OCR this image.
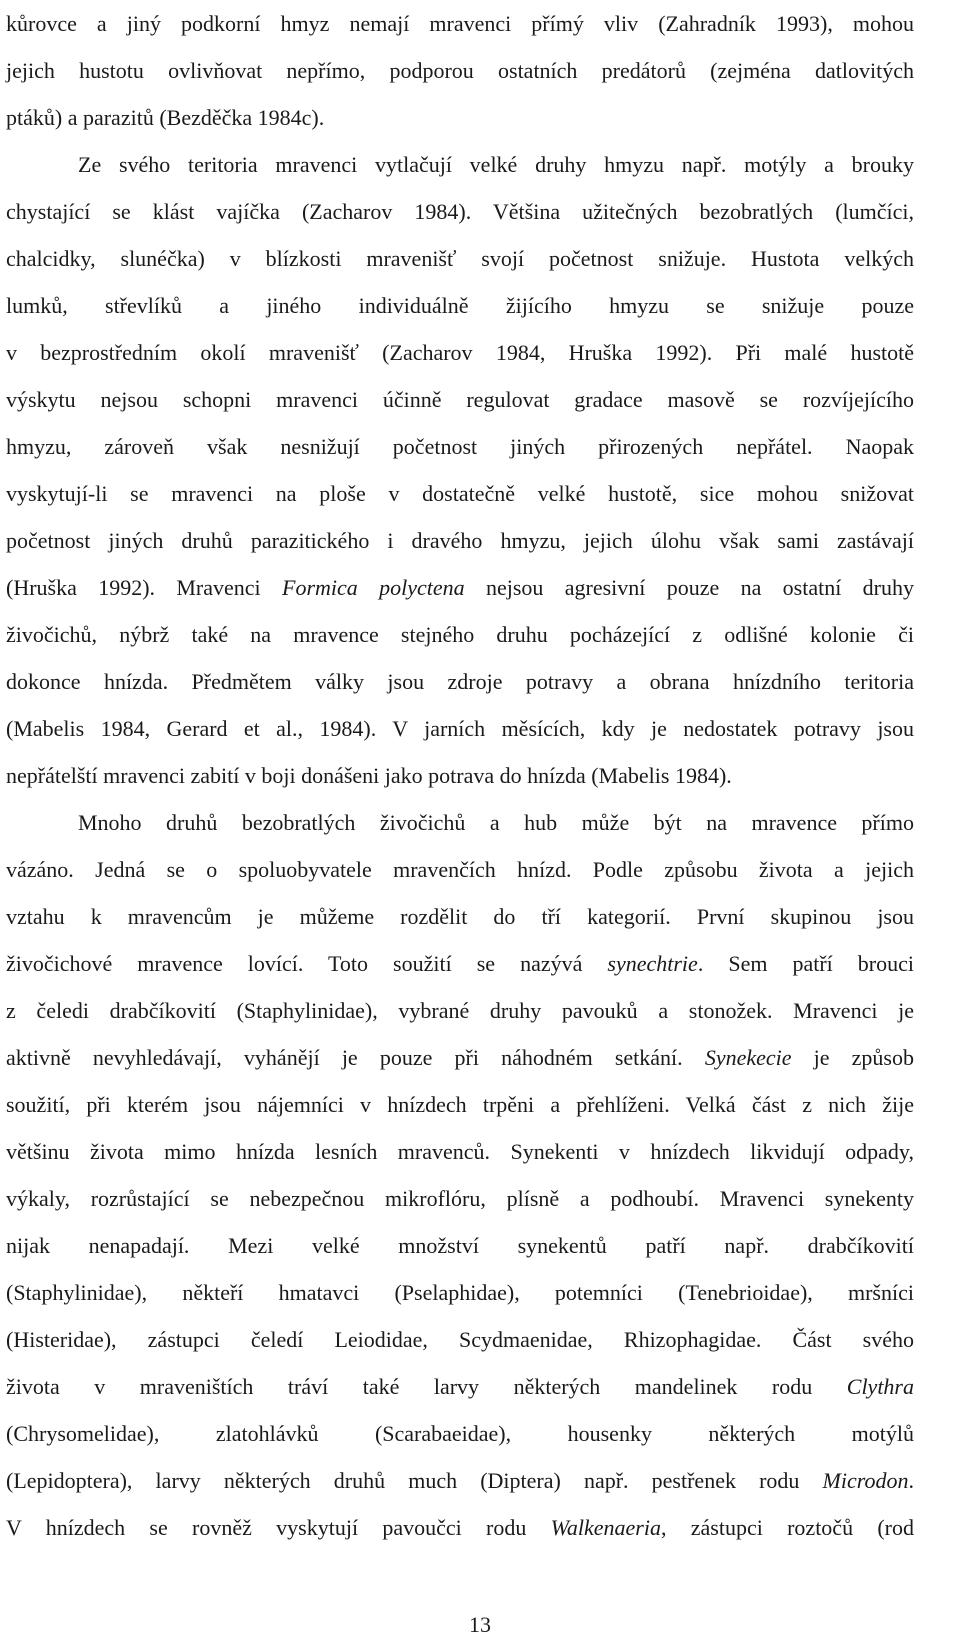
kůrovce a jiný podkorní hmyz nemají mravenci přímý vliv (Zahradník 1993), mohou
jejich hustotu ovlivňovat nepřímo, podporou ostatních predátorů (zejména datlovitých
ptáků) a parazitů (Bezděčka 1984c).
Ze svého teritoria mravenci vytlačují velké druhy hmyzu např. motýly a brouky
chystající se klást vajíčka (Zacharov 1984). Většina užitečných bezobratlých (lumčíci,
chalcidky, slunéčka) v blízkosti mravenišť svojí početnost snižuje. Hustota velkých
lumků, střevlíků a jiného individuálně žijícího hmyzu se snižuje pouze
v bezprostředním okolí mravenišť (Zacharov 1984, Hruška 1992). Při malé hustotě
výskytu nejsou schopni mravenci účinně regulovat gradace masově se rozvíjejícího
hmyzu, zároveň však nesnižují početnost jiných přirozených nepřátel. Naopak
vyskytují-li se mravenci na ploše v dostatečně velké hustotě, sice mohou snižovat
početnost jiných druhů parazitického i dravého hmyzu, jejich úlohu však sami zastávají
(Hruška 1992). Mravenci Formica polyctena nejsou agresivní pouze na ostatní druhy
živočichů, nýbrž také na mravence stejného druhu pocházející z odlišné kolonie či
dokonce hnízda. Předmětem války jsou zdroje potravy a obrana hnízdního teritoria
(Mabelis 1984, Gerard et al., 1984). V jarních měsících, kdy je nedostatek potravy jsou
nepřátelští mravenci zabití v boji donášeni jako potrava do hnízda (Mabelis 1984).
Mnoho druhů bezobratlých živočichů a hub může být na mravence přímo
vázáno. Jedná se o spoluobyvatele mravenčích hnízd. Podle způsobu života a jejich
vztahu k mravencům je můžeme rozdělit do tří kategorií. První skupinou jsou
živočichové mravence lovící. Toto soužití se nazývá synechtrie. Sem patří brouci
z čeledi drabčíkovití (Staphylinidae), vybrané druhy pavouků a stonožek. Mravenci je
aktivně nevyhledávají, vyhánějí je pouze při náhodném setkání. Synekecie je způsob
soužití, při kterém jsou nájemníci v hnízdech trpěni a přehlíženi. Velká část z nich žije
většinu života mimo hnízda lesních mravenců. Synekenti v hnízdech likvidují odpady,
výkaly, rozrůstající se nebezpečnou mikroflóru, plísně a podhoubí. Mravenci synekenty
nijak nenapadají. Mezi velké množství synekentů patří např. drabčíkovití
(Staphylinidae), někteří hmatavci (Pselaphidae), potemníci (Tenebrioidae), mršníci
(Histeridae), zástupci čeledí Leiodidae, Scydmaenidae, Rhizophagidae. Část svého
života v mraveništích tráví také larvy některých mandelinek rodu Clythra
(Chrysomelidae), zlatohlávků (Scarabaeidae), housenky některých motýlů
(Lepidoptera), larvy některých druhů much (Diptera) např. pestřenek rodu Microdon.
V hnízdech se rovněž vyskytují pavoučci rodu Walkenaeria, zástupci roztočů (rod
13
